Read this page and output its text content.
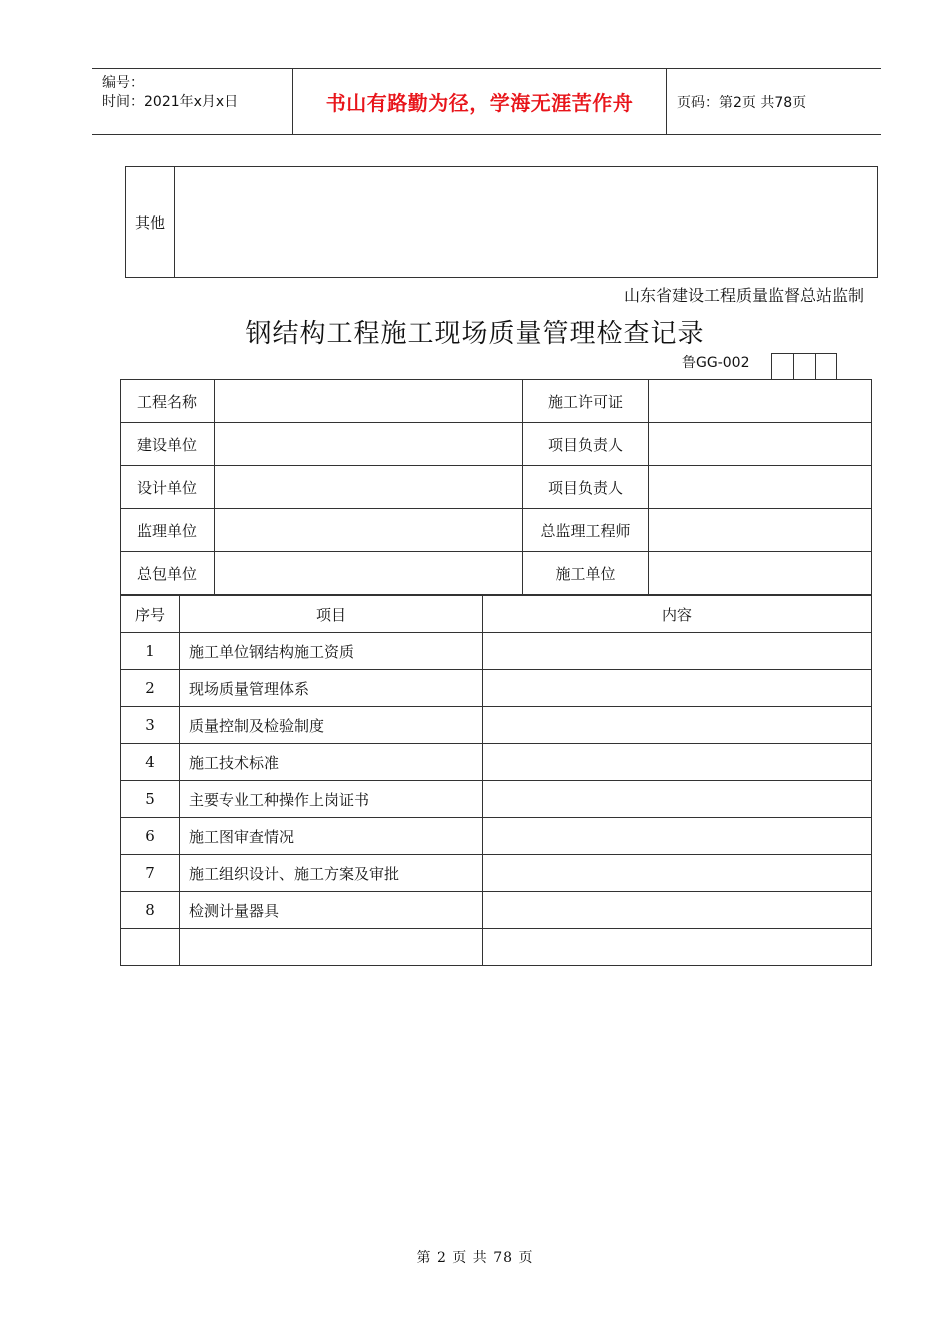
编号：
时间：2021年x月x日	书山有路勤为径，学海无涯苦作舟	页码：第2页 共78页
其他
山东省建设工程质量监督总站监制
钢结构工程施工现场质量管理检查记录
鲁GG-002
工程名称		施工许可证	
建设单位		项目负责人	
设计单位		项目负责人	
监理单位		总监理工程师	
总包单位		施工单位	
序号	项目	内容
1	施工单位钢结构施工资质	
2	现场质量管理体系	
3	质量控制及检验制度	
4	施工技术标准	
5	主要专业工种操作上岗证书	
6	施工图审查情况	
7	施工组织设计、施工方案及审批	
8	检测计量器具	

第 2 页 共 78 页
